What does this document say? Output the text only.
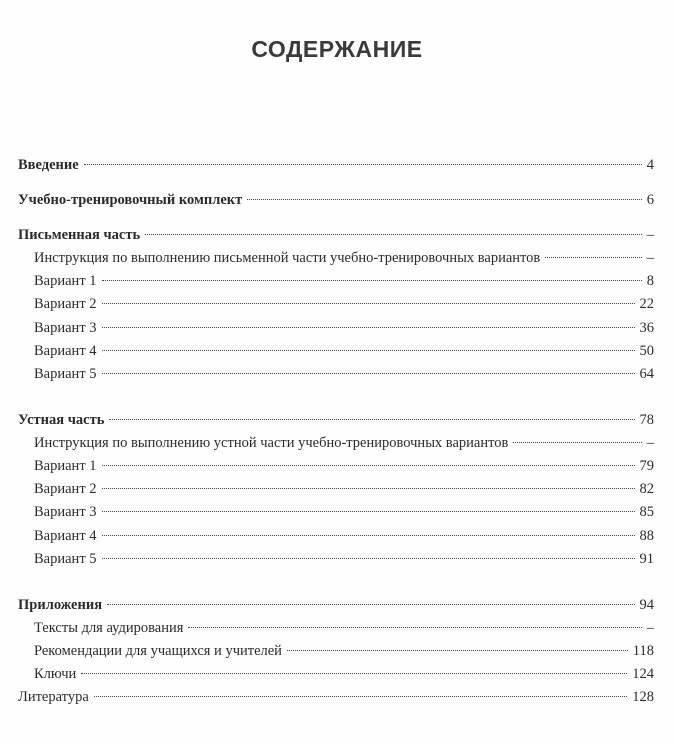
СОДЕРЖАНИЕ
Введение	4
Учебно-тренировочный комплект	6
Письменная часть	–
Инструкция по выполнению письменной части учебно-тренировочных вариантов	–
Вариант 1	8
Вариант 2	22
Вариант 3	36
Вариант 4	50
Вариант 5	64
Устная часть	78
Инструкция по выполнению устной части учебно-тренировочных вариантов	–
Вариант 1	79
Вариант 2	82
Вариант 3	85
Вариант 4	88
Вариант 5	91
Приложения	94
Тексты для аудирования	–
Рекомендации для учащихся и учителей	118
Ключи	124
Литература	128
